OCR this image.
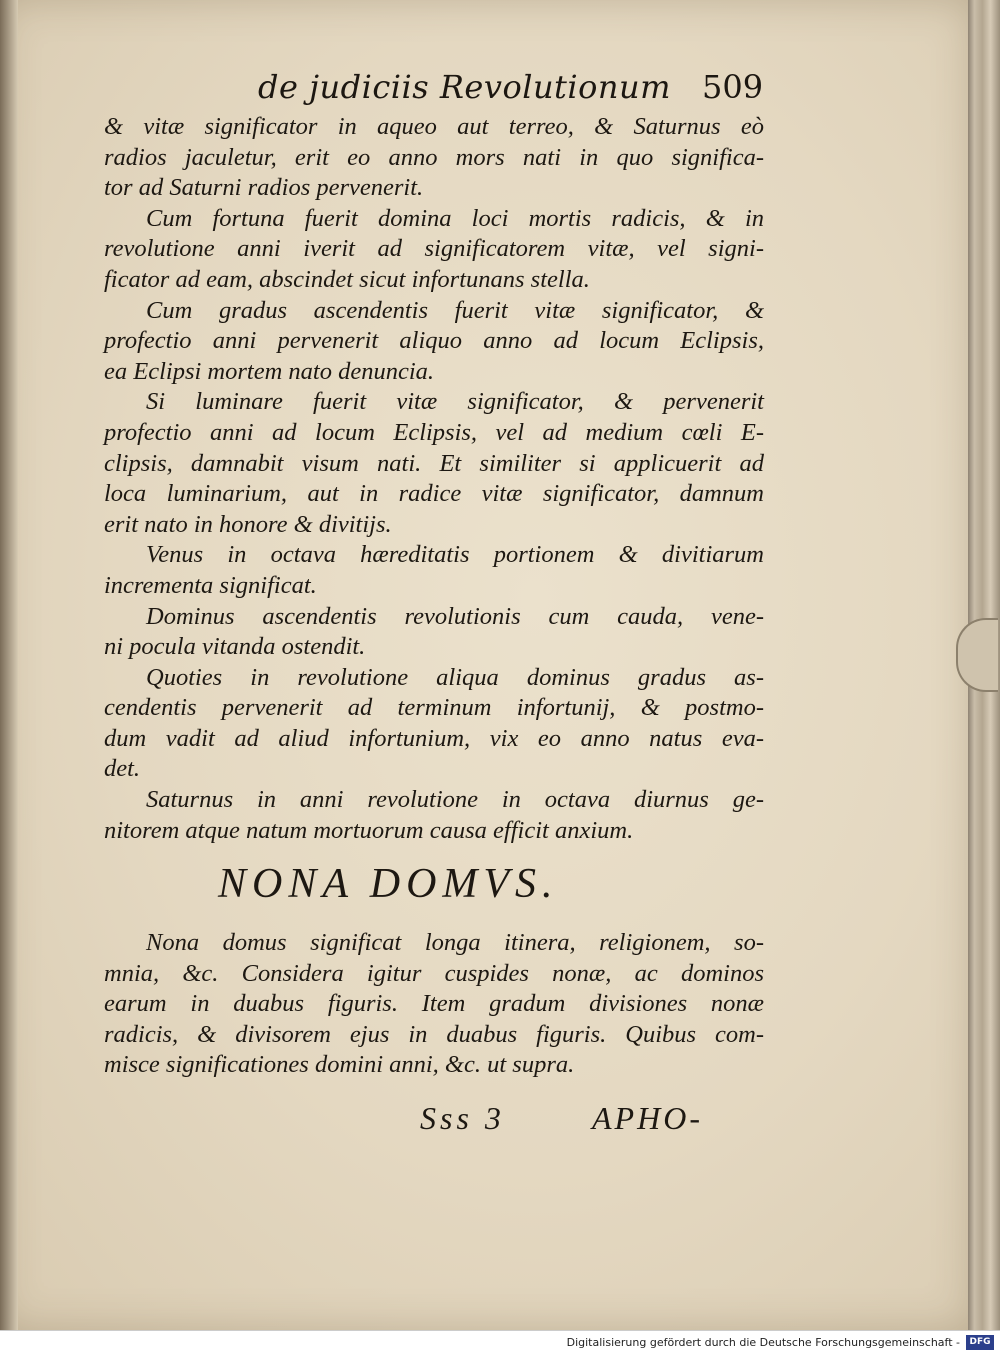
de judiciis Revolutionum 509
& vitæ significator in aqueo aut terreo, & Saturnus eò
radios jaculetur, erit eo anno mors nati in quo significa-
tor ad Saturni radios pervenerit.
Cum fortuna fuerit domina loci mortis radicis, & in
revolutione anni iverit ad significatorem vitæ, vel signi-
ficator ad eam, abscindet sicut infortunans stella.
Cum gradus ascendentis fuerit vitæ significator, &
profectio anni pervenerit aliquo anno ad locum Eclipsis,
ea Eclipsi mortem nato denuncia.
Si luminare fuerit vitæ significator, & pervenerit
profectio anni ad locum Eclipsis, vel ad medium cœli E-
clipsis, damnabit visum nati. Et similiter si applicuerit ad
loca luminarium, aut in radice vitæ significator, damnum
erit nato in honore & divitijs.
Venus in octava hæreditatis portionem & divitiarum
incrementa significat.
Dominus ascendentis revolutionis cum cauda, vene-
ni pocula vitanda ostendit.
Quoties in revolutione aliqua dominus gradus as-
cendentis pervenerit ad terminum infortunij, & postmo-
dum vadit ad aliud infortunium, vix eo anno natus eva-
det.
Saturnus in anni revolutione in octava diurnus ge-
nitorem atque natum mortuorum causa efficit anxium.
NONA DOMVS.
Nona domus significat longa itinera, religionem, so-
mnia, &c. Considera igitur cuspides nonæ, ac dominos
earum in duabus figuris. Item gradum divisiones nonæ
radicis, & divisorem ejus in duabus figuris. Quibus com-
misce significationes domini anni, &c. ut supra.
Sss 3	APHO-
Digitalisierung gefördert durch die Deutsche Forschungsgemeinschaft -	DFG
